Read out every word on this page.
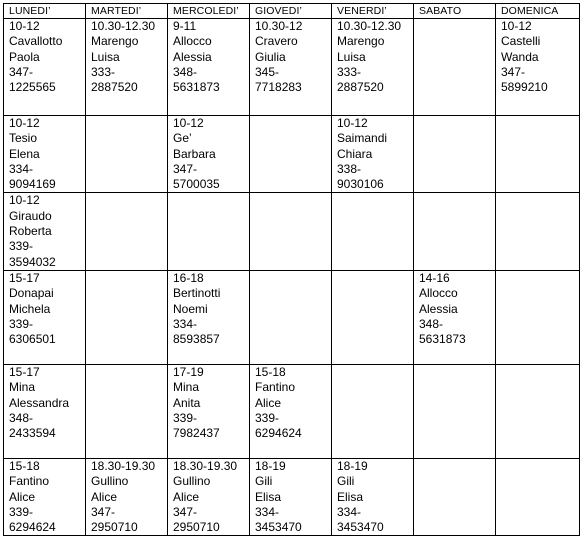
LUNEDI’	MARTEDI’	MERCOLEDI’	GIOVEDI’	VENERDI’	SABATO	DOMENICA

10-12
Cavallotto
Paola
347-
1225565	10.30-12.30
Marengo
Luisa
333-
2887520	9-11
Allocco
Alessia
348-
5631873	10.30-12
Cravero
Giulia
345-
7718283	10.30-12.30
Marengo
Luisa
333-
2887520		10-12
Castelli
Wanda
347-
5899210

10-12
Tesio
Elena
334-
9094169		10-12
Ge’
Barbara
347-
5700035		10-12
Saimandi
Chiara
338-
9030106		

10-12
Giraudo
Roberta
339-
3594032						

15-17
Donapai
Michela
339-
6306501		16-18
Bertinotti
Noemi
334-
8593857			14-16
Allocco
Alessia
348-
5631873	

15-17
Mina
Alessandra
348-
2433594		17-19
Mina
Anita
339-
7982437	15-18
Fantino
Alice
339-
6294624			

15-18
Fantino
Alice
339-
6294624	18.30-19.30
Gullino
Alice
347-
2950710	18.30-19.30
Gullino
Alice
347-
2950710	18-19
Gili
Elisa
334-
3453470	18-19
Gili
Elisa
334-
3453470		
